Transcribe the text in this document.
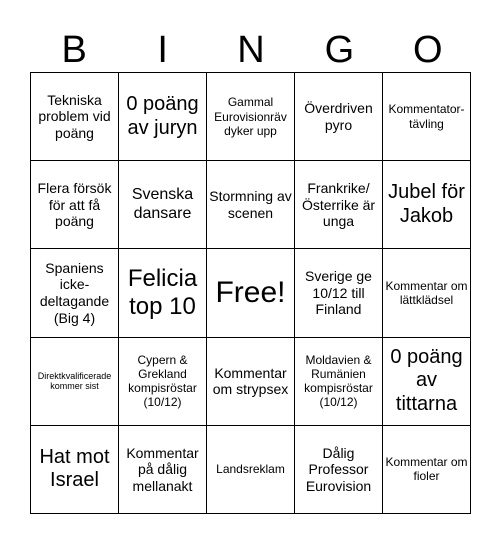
B	I	N	G	O
Tekniska problem vid poäng
0 poäng av juryn
Gammal Eurovisionräv dyker upp
Överdriven pyro
Kommentator-tävling
Flera försök för att få poäng
Svenska dansare
Stormning av scenen
Frankrike/ Österrike är unga
Jubel för Jakob
Spaniens icke-deltagande (Big 4)
Felicia top 10 Free!
Sverige ge 10/12 till Finland
Kommentar om lättklädsel
Direktkvalificerade kommer sist
Cypern & Grekland kompisröstar (10/12)
Kommentar om strypsex
Moldavien & Rumänien kompisröstar (10/12)
0 poäng av tittarna
Hat mot Israel
Kommentar på dålig mellanakt
Landsreklam
Dålig Professor Eurovision
Kommentar om fioler
